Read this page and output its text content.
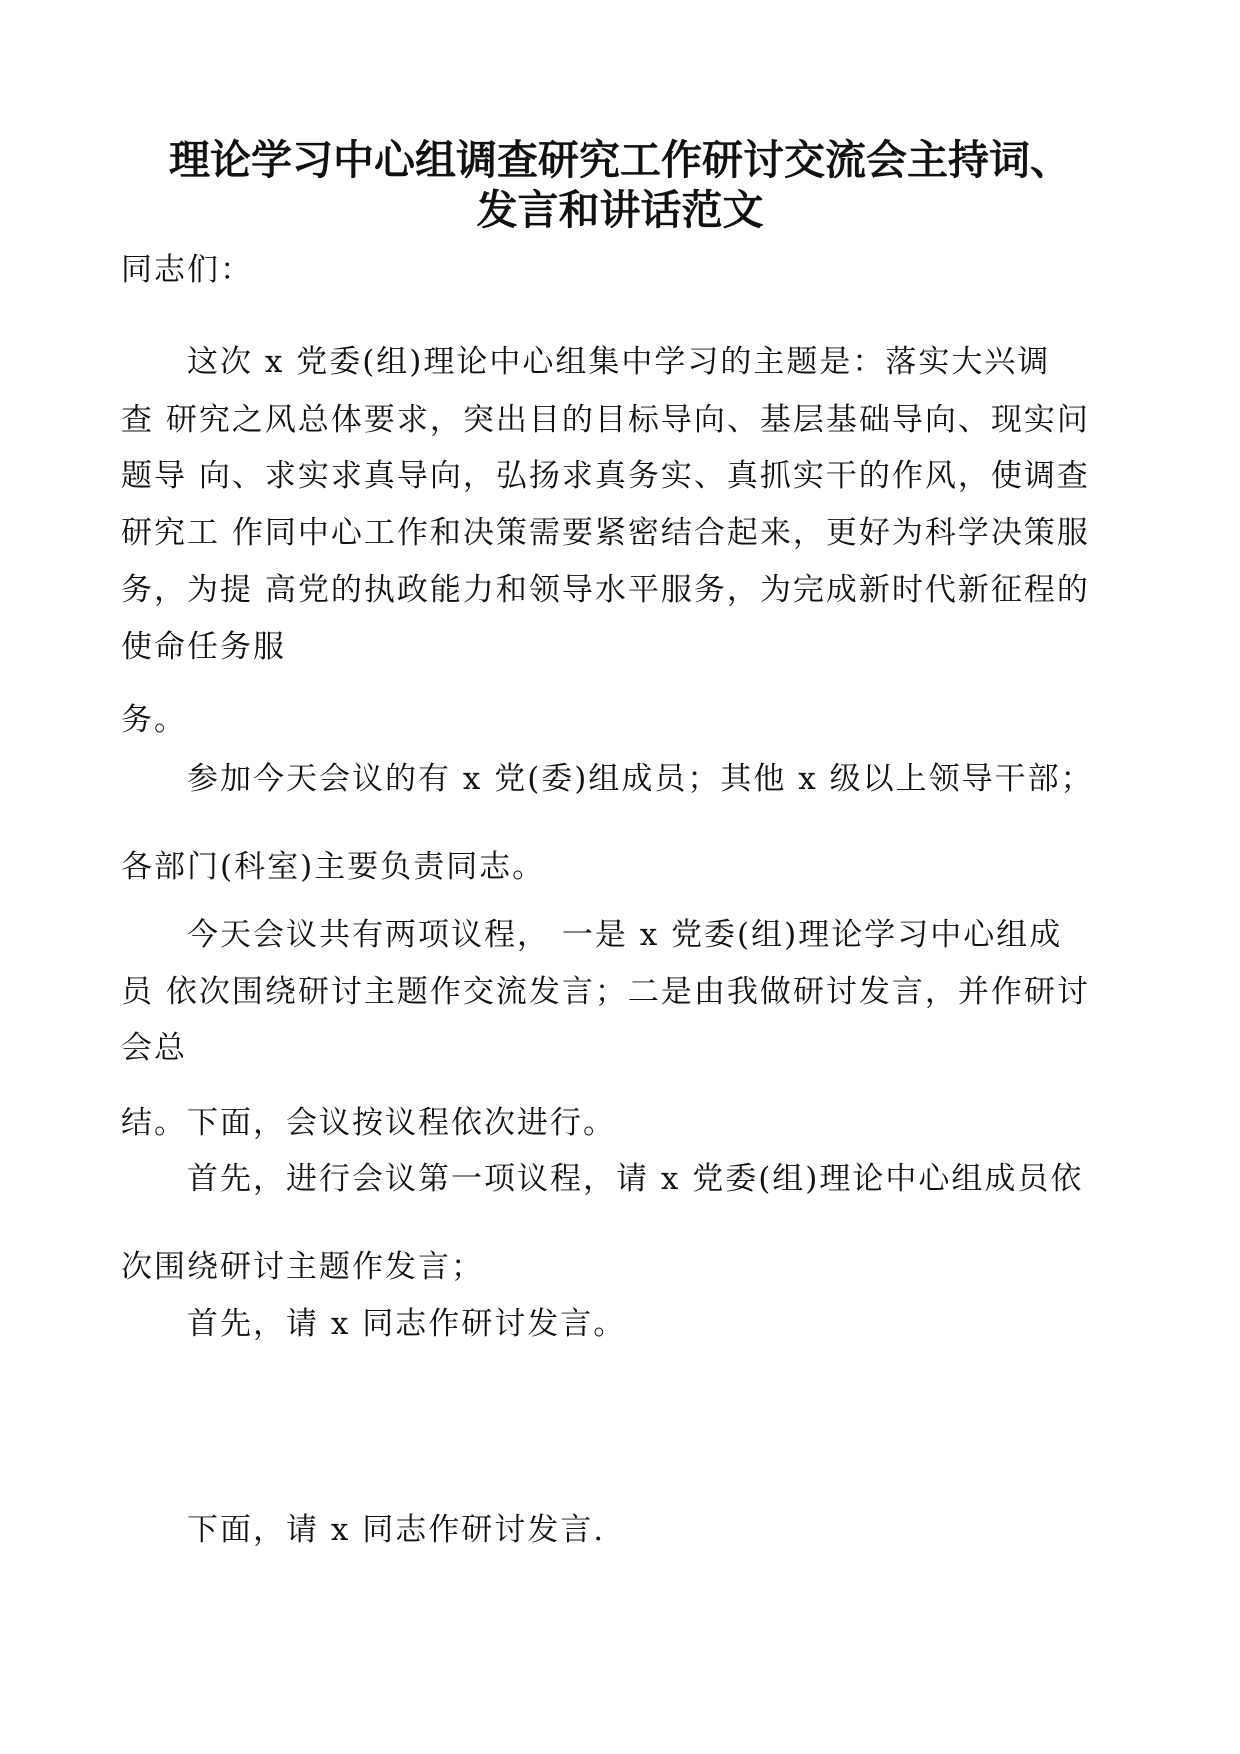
理论学习中心组调查研究工作研讨交流会主持词、
发言和讲话范文

同志们：

这次 x 党委(组)理论中心组集中学习的主题是：落实大兴调

查 研究之风总体要求，突出目的目标导向、基层基础导向、现实问

题导 向、求实求真导向，弘扬求真务实、真抓实干的作风，使调查

研究工 作同中心工作和决策需要紧密结合起来，更好为科学决策服

务，为提 高党的执政能力和领导水平服务，为完成新时代新征程的

使命任务服

务。

参加今天会议的有 x 党(委)组成员；其他 x 级以上领导干部；

各部门(科室)主要负责同志。

今天会议共有两项议程， 一是 x 党委(组)理论学习中心组成

员 依次围绕研讨主题作交流发言；二是由我做研讨发言，并作研讨

会总

结。下面，会议按议程依次进行。

首先，进行会议第一项议程，请 x 党委(组)理论中心组成员依

次围绕研讨主题作发言；

首先，请 x 同志作研讨发言。

下面，请 x 同志作研讨发言.
